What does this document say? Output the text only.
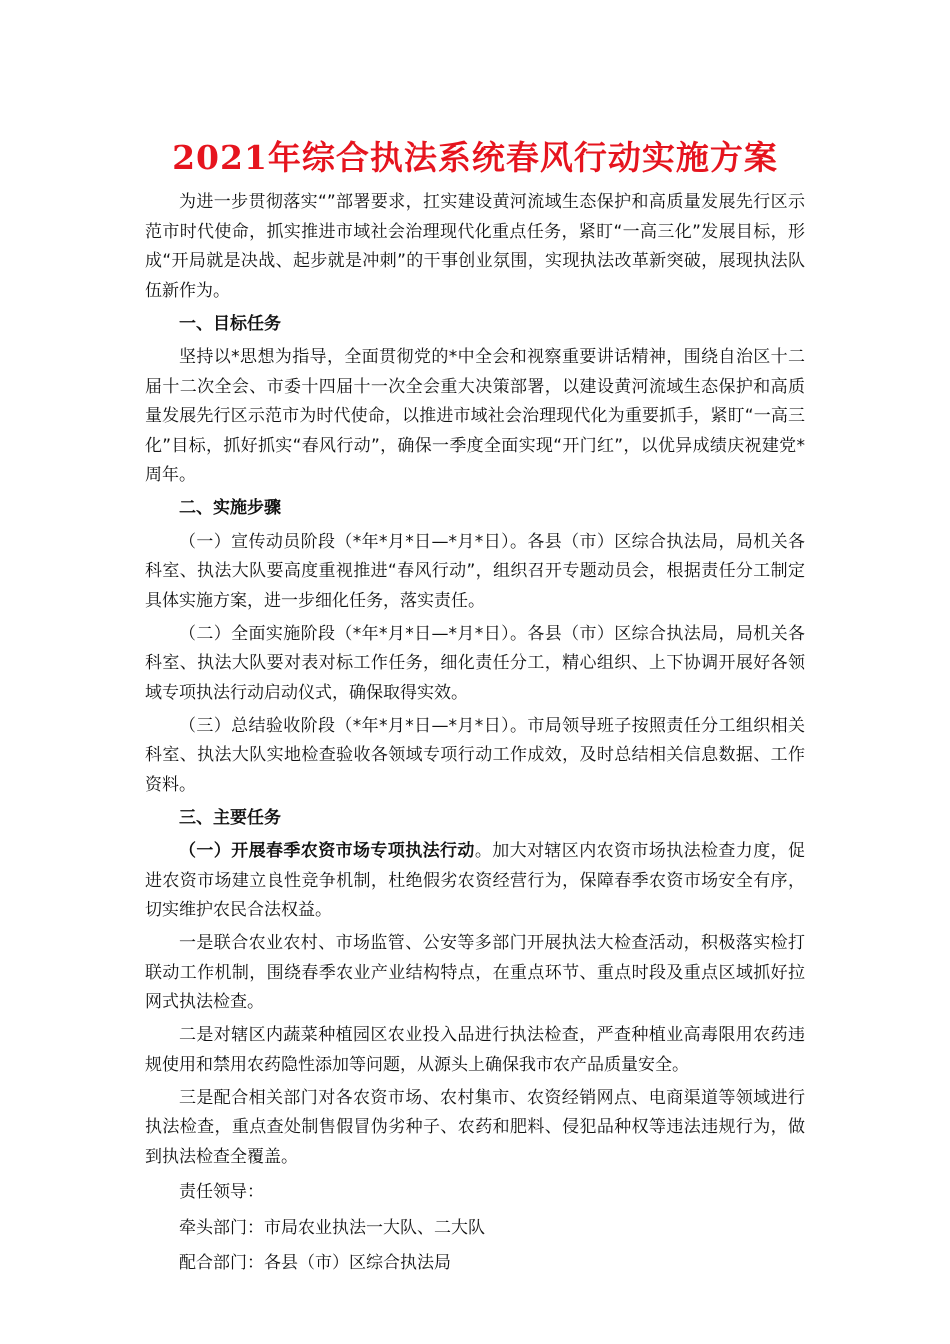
2021年综合执法系统春风行动实施方案

为进一步贯彻落实“”部署要求，扛实建设黄河流域生态保护和高质量发展先行区示范市时代使命，抓实推进市域社会治理现代化重点任务，紧盯“一高三化”发展目标，形成“开局就是决战、起步就是冲刺”的干事创业氛围，实现执法改革新突破，展现执法队伍新作为。

一、目标任务

坚持以*思想为指导，全面贯彻党的*中全会和视察重要讲话精神，围绕自治区十二届十二次全会、市委十四届十一次全会重大决策部署，以建设黄河流域生态保护和高质量发展先行区示范市为时代使命，以推进市域社会治理现代化为重要抓手，紧盯“一高三化”目标，抓好抓实“春风行动”，确保一季度全面实现“开门红”，以优异成绩庆祝建党*周年。

二、实施步骤

（一）宣传动员阶段（*年*月*日—*月*日）。各县（市）区综合执法局，局机关各科室、执法大队要高度重视推进“春风行动”，组织召开专题动员会，根据责任分工制定具体实施方案，进一步细化任务，落实责任。

（二）全面实施阶段（*年*月*日—*月*日）。各县（市）区综合执法局，局机关各科室、执法大队要对表对标工作任务，细化责任分工，精心组织、上下协调开展好各领域专项执法行动启动仪式，确保取得实效。

（三）总结验收阶段（*年*月*日—*月*日）。市局领导班子按照责任分工组织相关科室、执法大队实地检查验收各领域专项行动工作成效，及时总结相关信息数据、工作资料。

三、主要任务

（一）开展春季农资市场专项执法行动。加大对辖区内农资市场执法检查力度，促进农资市场建立良性竞争机制，杜绝假劣农资经营行为，保障春季农资市场安全有序，切实维护农民合法权益。

一是联合农业农村、市场监管、公安等多部门开展执法大检查活动，积极落实检打联动工作机制，围绕春季农业产业结构特点，在重点环节、重点时段及重点区域抓好拉网式执法检查。

二是对辖区内蔬菜种植园区农业投入品进行执法检查，严查种植业高毒限用农药违规使用和禁用农药隐性添加等问题，从源头上确保我市农产品质量安全。

三是配合相关部门对各农资市场、农村集市、农资经销网点、电商渠道等领域进行执法检查，重点查处制售假冒伪劣种子、农药和肥料、侵犯品种权等违法违规行为，做到执法检查全覆盖。

责任领导：

牵头部门：市局农业执法一大队、二大队

配合部门：各县（市）区综合执法局
